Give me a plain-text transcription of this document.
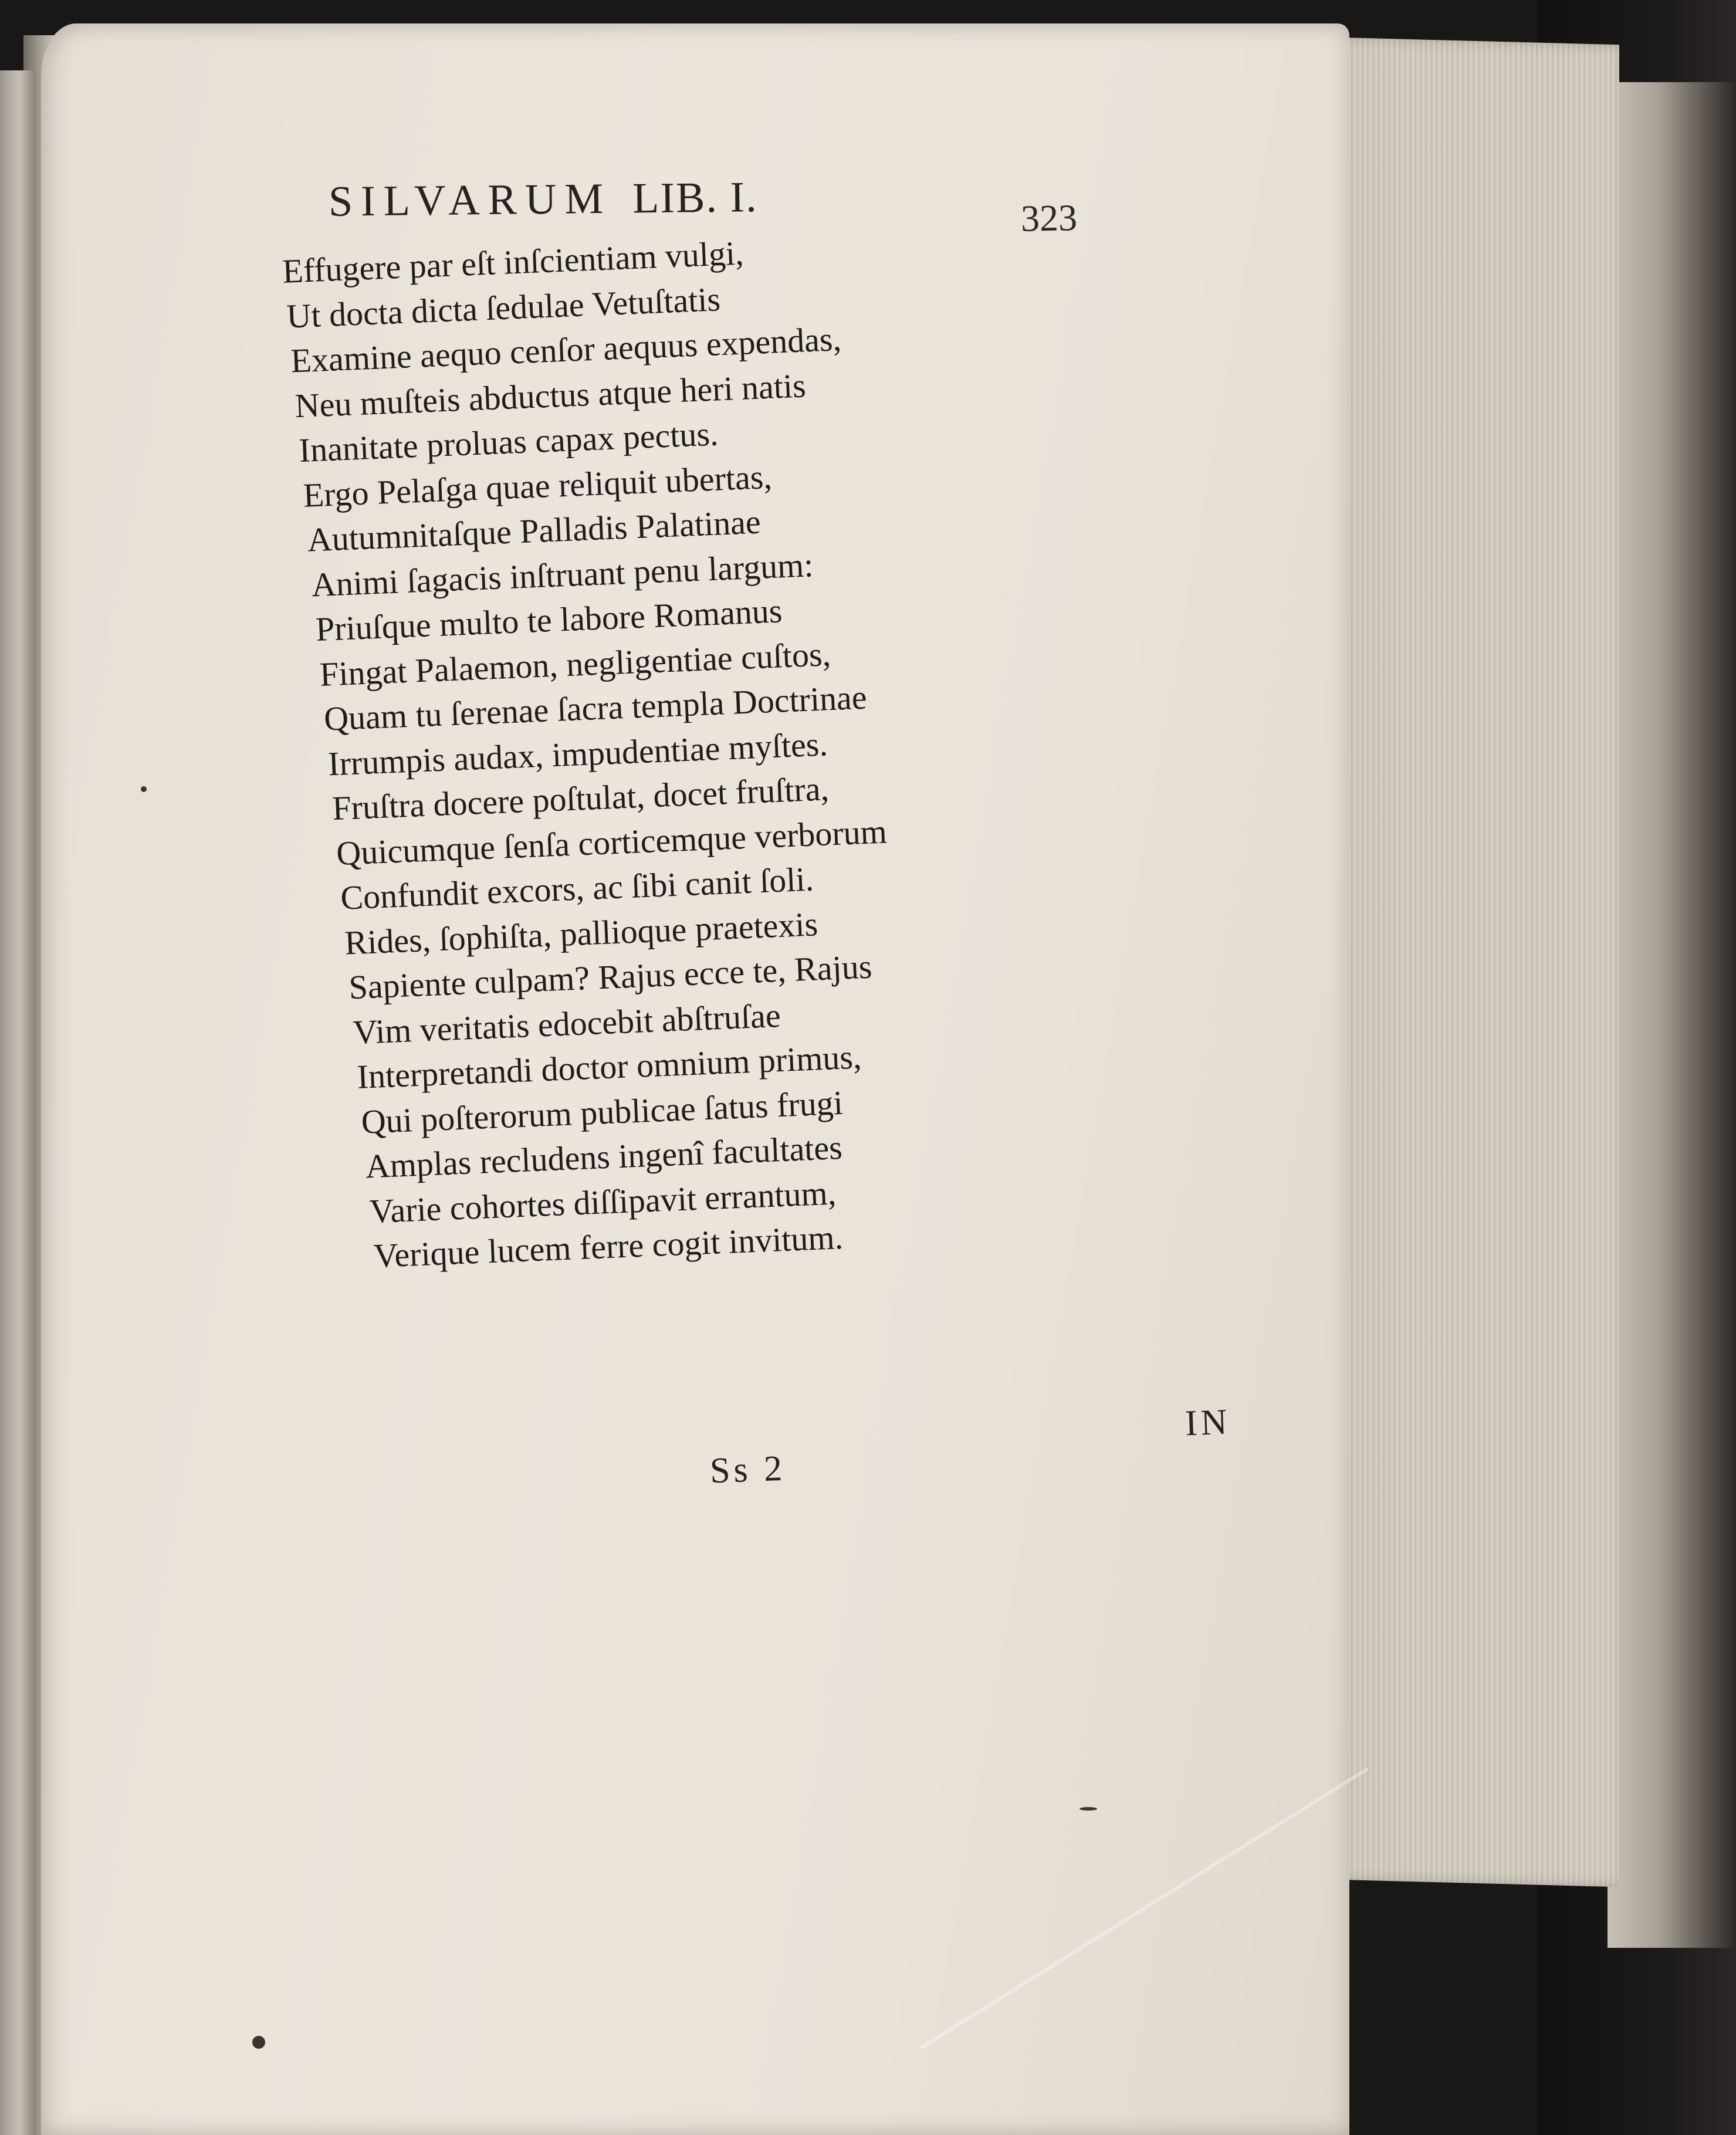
SILVARUM LIB. I.	323
Effugere par eſt inſcientiam vulgi,
Ut docta dicta ſedulae Vetuſtatis
Examine aequo cenſor aequus expendas,
Neu muſteis abductus atque heri natis
Inanitate proluas capax pectus.
Ergo Pelaſga quae reliquit ubertas,
Autumnitaſque Palladis Palatinae
Animi ſagacis inſtruant penu largum:
Priuſque multo te labore Romanus
Fingat Palaemon, negligentiae cuſtos,
Quam tu ſerenae ſacra templa Doctrinae
Irrumpis audax, impudentiae myſtes.
Fruſtra docere poſtulat, docet fruſtra,
Quicumque ſenſa corticemque verborum
Confundit excors, ac ſibi canit ſoli.
Rides, ſophiſta, pallioque praetexis
Sapiente culpam? Rajus ecce te, Rajus
Vim veritatis edocebit abſtruſae
Interpretandi doctor omnium primus,
Qui poſterorum publicae ſatus frugi
Amplas recludens ingenî facultates
Varie cohortes diſſipavit errantum,
Verique lucem ferre cogit invitum.
IN
Ss 2
